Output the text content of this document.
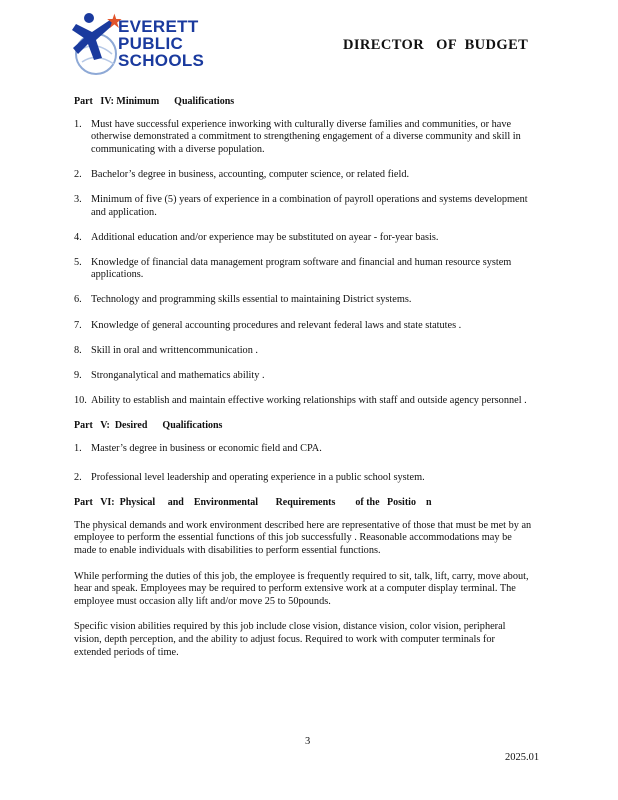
EVERETT
PUBLIC
SCHOOLS
DIRECTOR   OF  BUDGET
Part   IV: Minimum      Qualifications
1. Must have successful experience inworking with culturally diverse families and communities, or have otherwise demonstrated a commitment to strengthening engagement of a diverse community and skill in communicating with a diverse population.
2. Bachelor’s degree in business, accounting, computer science, or related field.
3. Minimum of five (5) years of experience in a combination of payroll operations and systems development and application.
4. Additional education and/or experience may be substituted on ayear - for-year basis.
5. Knowledge of financial data management program software and financial and human resource system applications.
6. Technology and programming skills essential to maintaining District systems.
7. Knowledge of general accounting procedures and relevant federal laws and state statutes .
8. Skill in oral and writtencommunication .
9. Stronganalytical and mathematics ability .
10. Ability to establish and maintain effective working relationships with staff and outside agency personnel .
Part   V:  Desired      Qualifications
1. Master’s degree in business or economic field and CPA.
2. Professional level leadership and operating experience in a public school system.
Part   VI:  Physical     and    Environmental       Requirements        of the   Positio    n

The physical demands and work environment described here are representative of those that must be met by an employee to perform the essential functions of this job successfully . Reasonable accommodations may be made to enable individuals with disabilities to perform essential functions.

While performing the duties of this job, the employee is frequently required to sit, talk, lift, carry, move about, hear and speak. Employees may be required to perform extensive work at a computer display terminal. The employee must occasion ally lift and/or move 25 to 50pounds.

Specific vision abilities required by this job include close vision, distance vision, color vision, peripheral vision, depth perception, and the ability to adjust focus. Required to work with computer terminals for extended periods of time.

3
2025.01
